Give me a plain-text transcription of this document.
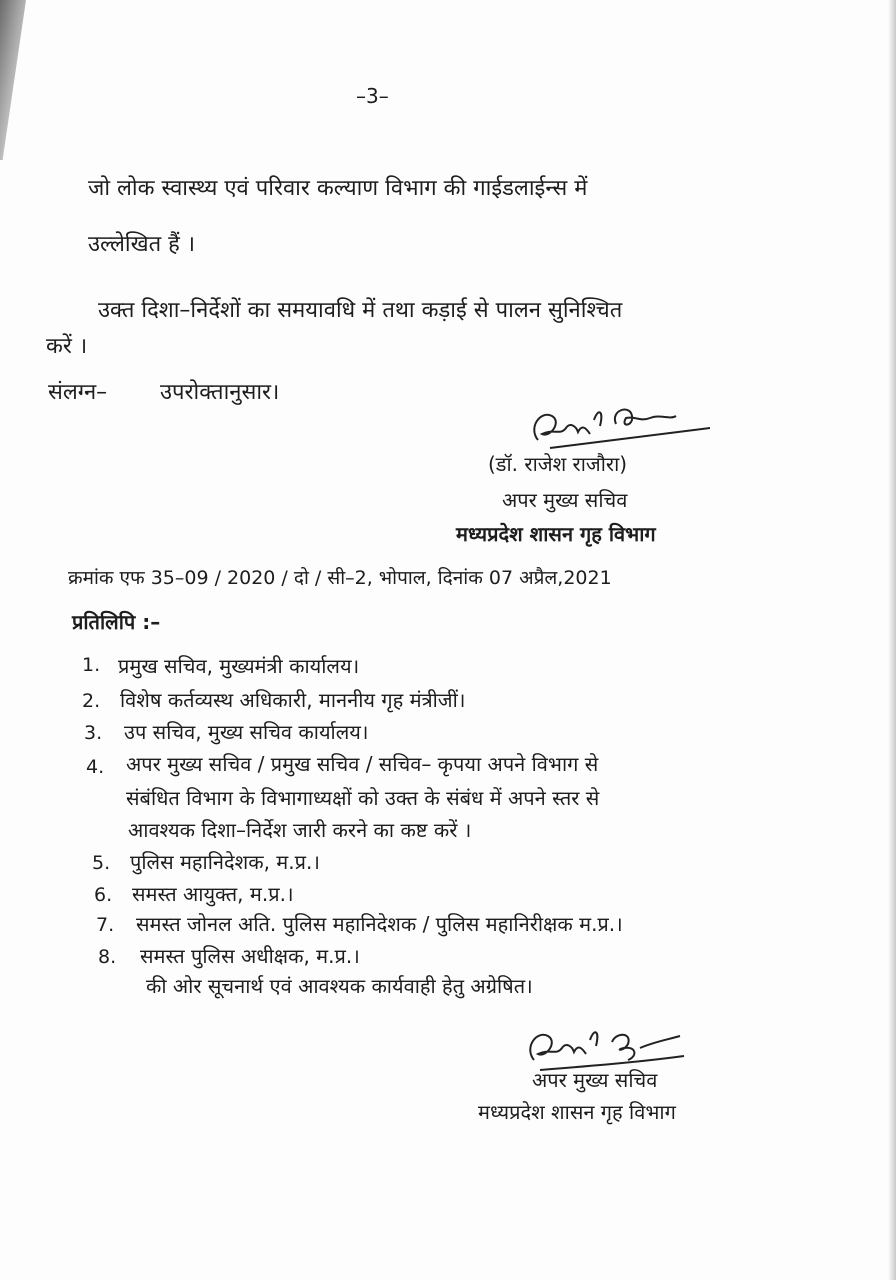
–3–
जो लोक स्वास्थ्य एवं परिवार कल्याण विभाग की गाईडलाईन्स में
उल्लेखित हैं ।
उक्त दिशा–निर्देशों का समयावधि में तथा कड़ाई से पालन सुनिश्चित
करें ।
संलग्न– उपरोक्तानुसार।
(डॉ. राजेश राजौरा)
अपर मुख्य सचिव
मध्यप्रदेश शासन गृह विभाग
क्रमांक एफ 35–09 / 2020 / दो / सी–2, भोपाल, दिनांक 07 अप्रैल,2021
प्रतिलिपि :–
1. प्रमुख सचिव, मुख्यमंत्री कार्यालय।
2. विशेष कर्तव्यस्थ अधिकारी, माननीय गृह मंत्रीजीं।
3. उप सचिव, मुख्य सचिव कार्यालय।
4. अपर मुख्य सचिव / प्रमुख सचिव / सचिव– कृपया अपने विभाग से
संबंधित विभाग के विभागाध्यक्षों को उक्त के संबंध में अपने स्तर से
आवश्यक दिशा–निर्देश जारी करने का कष्ट करें ।
5. पुलिस महानिदेशक, म.प्र.।
6. समस्त आयुक्त, म.प्र.।
7. समस्त जोनल अति. पुलिस महानिदेशक / पुलिस महानिरीक्षक म.प्र.।
8. समस्त पुलिस अधीक्षक, म.प्र.।
की ओर सूचनार्थ एवं आवश्यक कार्यवाही हेतु अग्रेषित।
अपर मुख्य सचिव
मध्यप्रदेश शासन गृह विभाग
